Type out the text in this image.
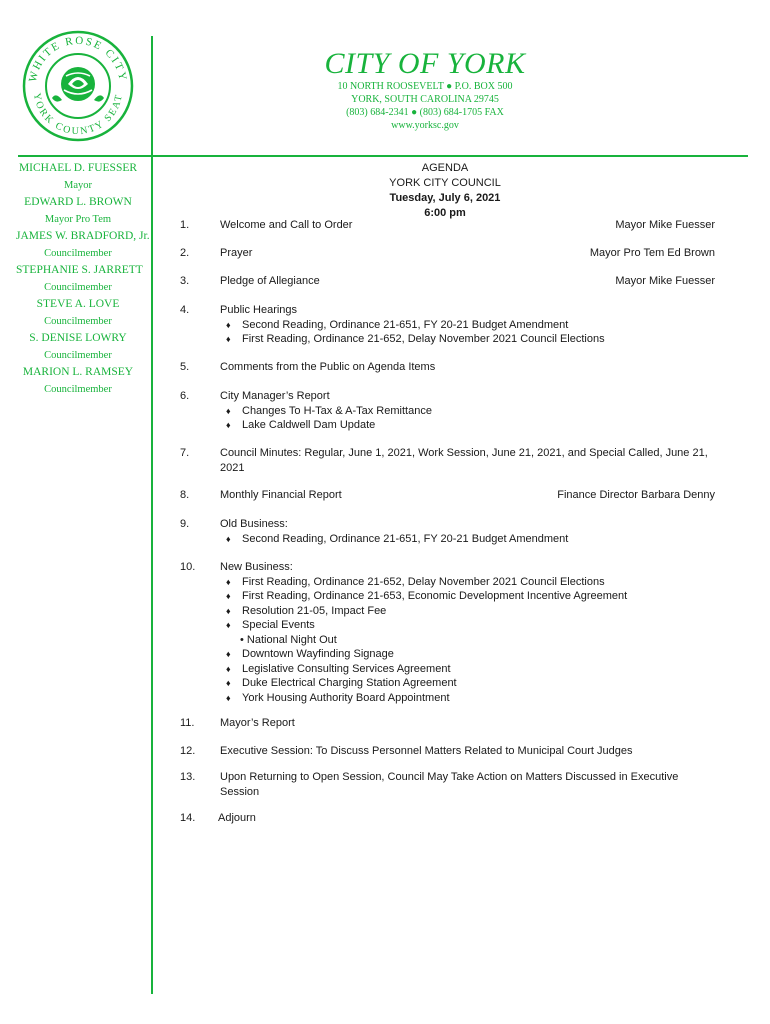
WHITE ROSE CITY
YORK COUNTY SEAT
CITY OF YORK
10 NORTH ROOSEVELT ● P.O. BOX 500
YORK, SOUTH CAROLINA 29745
(803) 684-2341 ● (803) 684-1705 FAX
www.yorksc.gov
MICHAEL D. FUESSER
Mayor
EDWARD L. BROWN
Mayor Pro Tem
JAMES W. BRADFORD, Jr.
Councilmember
STEPHANIE S. JARRETT
Councilmember
STEVE A. LOVE
Councilmember
S. DENISE LOWRY
Councilmember
MARION L. RAMSEY
Councilmember
AGENDA
YORK CITY COUNCIL
Tuesday, July 6, 2021
6:00 pm
1.	Welcome and Call to Order	Mayor Mike Fuesser
2.	Prayer	Mayor Pro Tem Ed Brown
3.	Pledge of Allegiance	Mayor Mike Fuesser
4.	Public Hearings
♦ Second Reading, Ordinance 21-651, FY 20-21 Budget Amendment
♦ First Reading, Ordinance 21-652, Delay November 2021 Council Elections
5.	Comments from the Public on Agenda Items
6.	City Manager’s Report
♦ Changes To H-Tax & A-Tax Remittance
♦ Lake Caldwell Dam Update
7.	Council Minutes: Regular, June 1, 2021, Work Session, June 21, 2021, and Special Called, June 21, 2021
8.	Monthly Financial Report	Finance Director Barbara Denny
9.	Old Business:
♦ Second Reading, Ordinance 21-651, FY 20-21 Budget Amendment
10. New Business:
♦ First Reading, Ordinance 21-652, Delay November 2021 Council Elections
♦ First Reading, Ordinance 21-653, Economic Development Incentive Agreement
♦ Resolution 21-05, Impact Fee
♦ Special Events
• National Night Out
♦ Downtown Wayfinding Signage
♦ Legislative Consulting Services Agreement
♦ Duke Electrical Charging Station Agreement
♦ York Housing Authority Board Appointment
11. Mayor’s Report
12. Executive Session: To Discuss Personnel Matters Related to Municipal Court Judges
13. Upon Returning to Open Session, Council May Take Action on Matters Discussed in Executive Session
14. Adjourn
